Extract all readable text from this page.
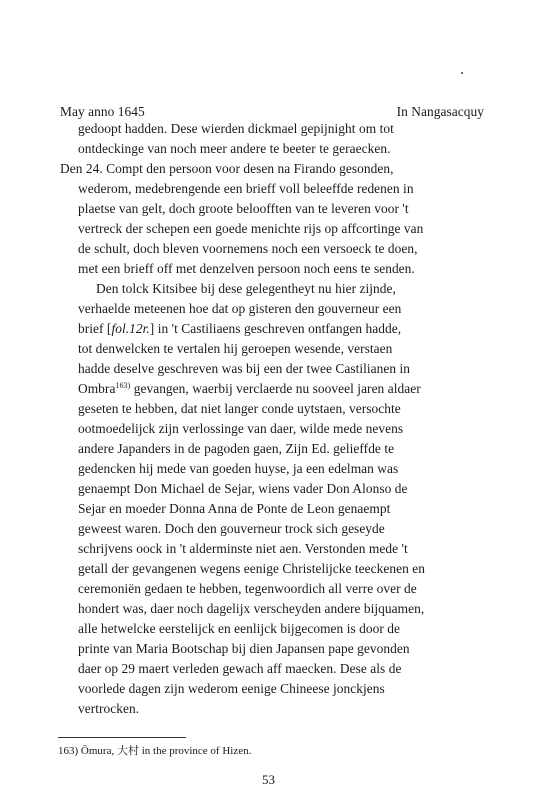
May anno 1645	In Nangasacquy
gedoopt hadden. Dese wierden dickmael gepijnight om tot
ontdeckinge van noch meer andere te beeter te geraecken.
Den 24. Compt den persoon voor desen na Firando gesonden,
wederom, medebrengende een brieff voll beleeffde redenen in
plaetse van gelt, doch groote beloofften van te leveren voor 't
vertreck der schepen een goede menichte rijs op affcortinge van
de schult, doch bleven voornemens noch een versoeck te doen,
met een brieff off met denzelven persoon noch eens te senden.
Den tolck Kitsibee bij dese gelegentheyt nu hier zijnde,
verhaelde meteenen hoe dat op gisteren den gouverneur een
brief [fol.12r.] in 't Castiliaens geschreven ontfangen hadde,
tot denwelcken te vertalen hij geroepen wesende, verstaen
hadde deselve geschreven was bij een der twee Castilianen in
Ombra$^{163)}$ gevangen, waerbij verclaerde nu sooveel jaren aldaer
geseten te hebben, dat niet langer conde uytstaen, versochte
ootmoedelijck zijn verlossinge van daer, wilde mede nevens
andere Japanders in de pagoden gaen, Zijn Ed. gelieffde te
gedencken hij mede van goeden huyse, ja een edelman was
genaempt Don Michael de Sejar, wiens vader Don Alonso de
Sejar en moeder Donna Anna de Ponte de Leon genaempt
geweest waren. Doch den gouverneur trock sich geseyde
schrijvens oock in 't alderminste niet aen. Verstonden mede 't
getall der gevangenen wegens eenige Christelijcke teeckenen en
ceremoniën gedaen te hebben, tegenwoordich all verre over de
hondert was, daer noch dagelijx verscheyden andere bijquamen,
alle hetwelcke eerstelijck en eenlijck bijgecomen is door de
printe van Maria Bootschap bij dien Japansen pape gevonden
daer op 29 maert verleden gewach aff maecken. Dese als de
voorlede dagen zijn wederom eenige Chineese jonckjens
vertrocken.
163) Ōmura, 大村 in the province of Hizen.
53
